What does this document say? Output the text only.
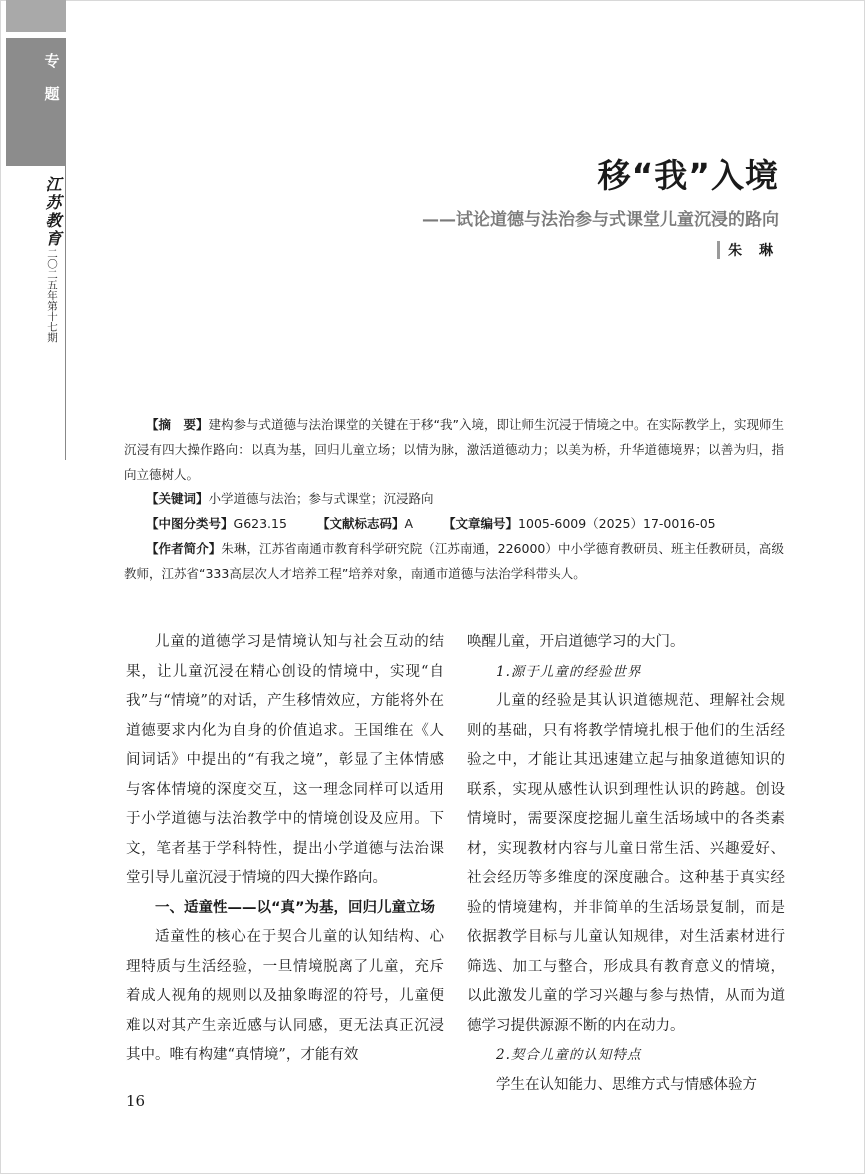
专
题
江苏教育二〇二五年第十七期
移“我”入境
——试论道德与法治参与式课堂儿童沉浸的路向
朱 琳
【摘　要】建构参与式道德与法治课堂的关键在于移“我”入境，即让师生沉浸于情境之中。在实际教学上，实现师生沉浸有四大操作路向：以真为基，回归儿童立场；以情为脉，激活道德动力；以美为桥，升华道德境界；以善为归，指向立德树人。
【关键词】小学道德与法治；参与式课堂；沉浸路向
【中图分类号】G623.15 【文献标志码】A 【文章编号】1005-6009（2025）17-0016-05
【作者简介】朱琳，江苏省南通市教育科学研究院（江苏南通，226000）中小学德育教研员、班主任教研员，高级教师，江苏省“333高层次人才培养工程”培养对象，南通市道德与法治学科带头人。

儿童的道德学习是情境认知与社会互动的结果，让儿童沉浸在精心创设的情境中，实现“自我”与“情境”的对话，产生移情效应，方能将外在道德要求内化为自身的价值追求。王国维在《人间词话》中提出的“有我之境”，彰显了主体情感与客体情境的深度交互，这一理念同样可以适用于小学道德与法治教学中的情境创设及应用。下文，笔者基于学科特性，提出小学道德与法治课堂引导儿童沉浸于情境的四大操作路向。

一、适童性——以“真”为基，回归儿童立场

适童性的核心在于契合儿童的认知结构、心理特质与生活经验，一旦情境脱离了儿童，充斥着成人视角的规则以及抽象晦涩的符号，儿童便难以对其产生亲近感与认同感，更无法真正沉浸其中。唯有构建“真情境”，才能有效

唤醒儿童，开启道德学习的大门。

1.源于儿童的经验世界

儿童的经验是其认识道德规范、理解社会规则的基础，只有将教学情境扎根于他们的生活经验之中，才能让其迅速建立起与抽象道德知识的联系，实现从感性认识到理性认识的跨越。创设情境时，需要深度挖掘儿童生活场域中的各类素材，实现教材内容与儿童日常生活、兴趣爱好、社会经历等多维度的深度融合。这种基于真实经验的情境建构，并非简单的生活场景复制，而是依据教学目标与儿童认知规律，对生活素材进行筛选、加工与整合，形成具有教育意义的情境，以此激发儿童的学习兴趣与参与热情，从而为道德学习提供源源不断的内在动力。

2.契合儿童的认知特点

学生在认知能力、思维方式与情感体验方

16
